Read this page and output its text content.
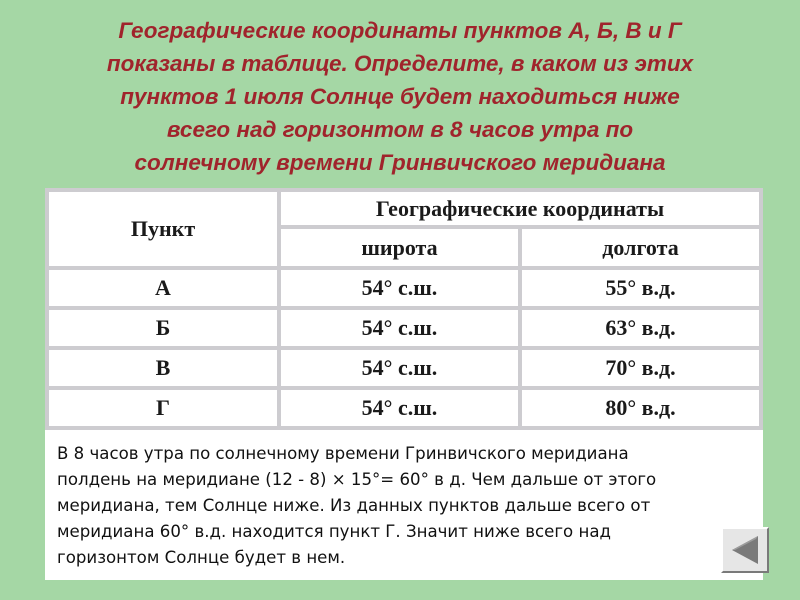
Географические координаты пунктов А, Б, В и Г
показаны в таблице. Определите, в каком из этих
пунктов 1 июля Солнце будет находиться ниже
всего над горизонтом в 8 часов утра по
солнечному времени Гринвичского меридиана
Пункт
Географические координаты
широта	долгота
А	54° с.ш.	55° в.д.
Б	54° с.ш.	63° в.д.
В	54° с.ш.	70° в.д.
Г	54° с.ш.	80° в.д.
В 8 часов утра по солнечному времени Гринвичского меридиана
полдень на меридиане (12 - 8) × 15°= 60° в д. Чем дальше от этого
меридиана, тем Солнце ниже. Из данных пунктов дальше всего от
меридиана 60° в.д. находится пункт Г. Значит ниже всего над
горизонтом Солнце будет в нем.
